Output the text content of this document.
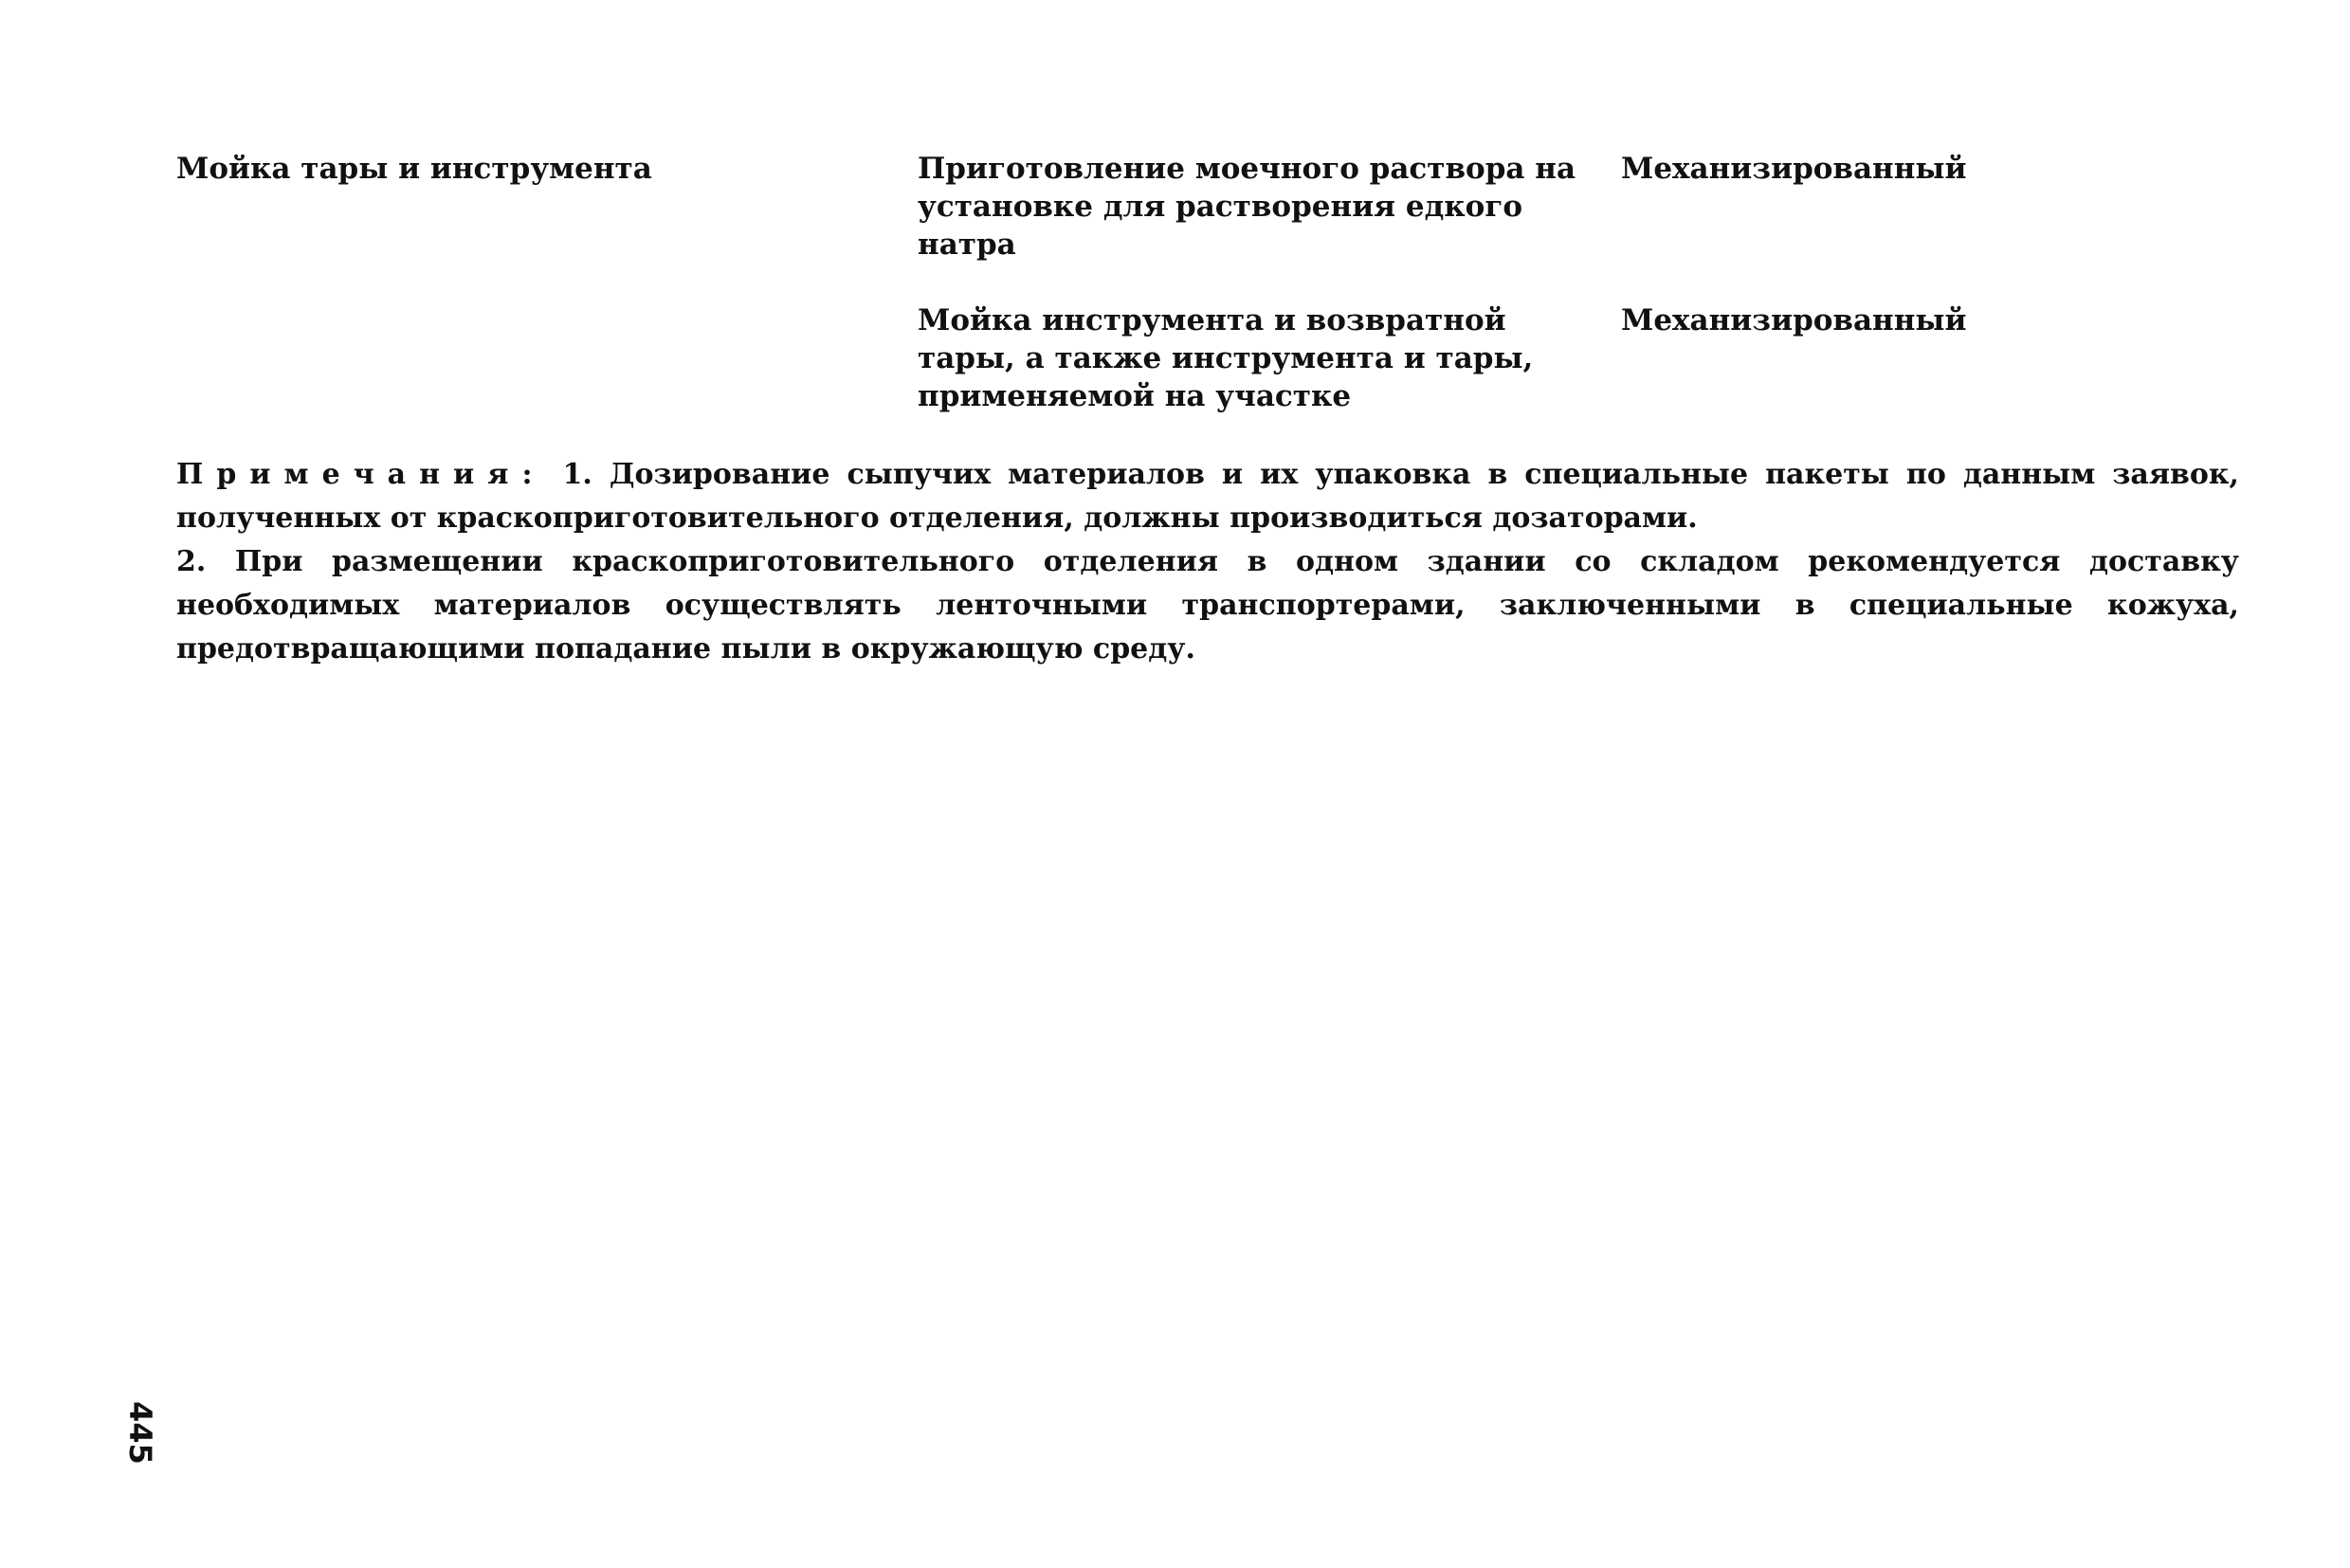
Мойка тары и инструмента	Приготовление моечного раствора на установке для растворения едкого натра
Механизированный
Мойка инструмента и возвратной тары, а также инструмента и тары, применяемой на участке
Механизированный

Примечания: 1. Дозирование сыпучих материалов и их упаковка в специальные пакеты по данным заявок, полученных от краскоприготовительного отделения, должны производиться дозаторами.

2. При размещении краскоприготовительного отделения в одном здании со складом рекомендуется доставку необходимых материалов осуществлять ленточными транспортерами, заключенными в специальные кожуха, предотвращающими попадание пыли в окружающую среду.

445
